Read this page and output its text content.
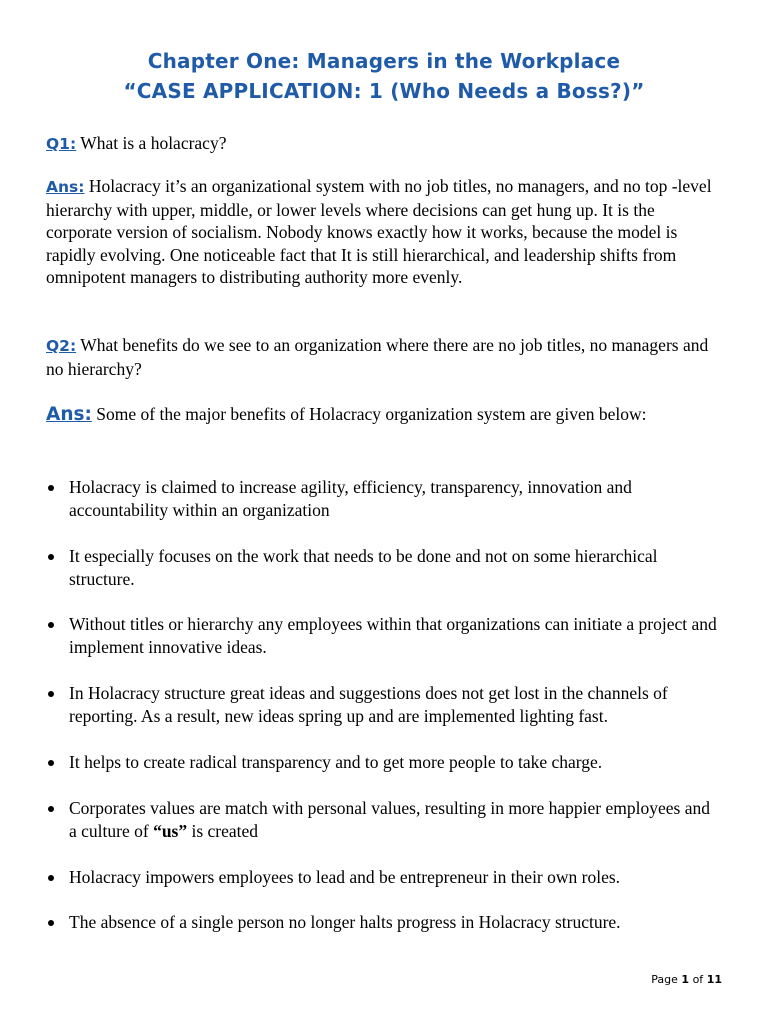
Chapter One: Managers in the Workplace
“CASE APPLICATION: 1 (Who Needs a Boss?)”

Q1: What is a holacracy?

Ans: Holacracy it’s an organizational system with no job titles, no managers, and no top -level hierarchy with upper, middle, or lower levels where decisions can get hung up. It is the corporate version of socialism. Nobody knows exactly how it works, because the model is rapidly evolving. One noticeable fact that It is still hierarchical, and leadership shifts from omnipotent managers to distributing authority more evenly.

Q2: What benefits do we see to an organization where there are no job titles, no managers and no hierarchy?

Ans: Some of the major benefits of Holacracy organization system are given below:

Holacracy is claimed to increase agility, efficiency, transparency, innovation and accountability within an organization
It especially focuses on the work that needs to be done and not on some hierarchical structure.
Without titles or hierarchy any employees within that organizations can initiate a project and implement innovative ideas.
In Holacracy structure great ideas and suggestions does not get lost in the channels of reporting. As a result, new ideas spring up and are implemented lighting fast.
It helps to create radical transparency and to get more people to take charge.
Corporates values are match with personal values, resulting in more happier employees and a culture of “us” is created
Holacracy impowers employees to lead and be entrepreneur in their own roles.
The absence of a single person no longer halts progress in Holacracy structure.
Page 1 of 11
